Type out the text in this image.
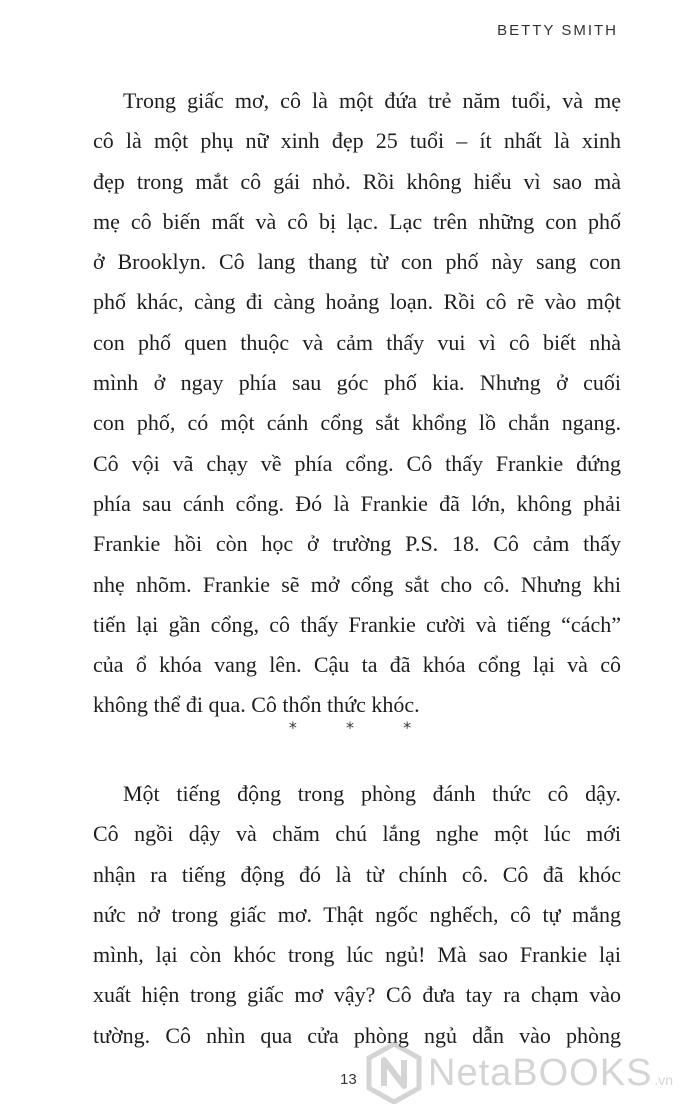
BETTY SMITH
Trong giấc mơ, cô là một đứa trẻ năm tuổi, và mẹ
cô là một phụ nữ xinh đẹp 25 tuổi – ít nhất là xinh
đẹp trong mắt cô gái nhỏ. Rồi không hiểu vì sao mà
mẹ cô biến mất và cô bị lạc. Lạc trên những con phố
ở Brooklyn. Cô lang thang từ con phố này sang con
phố khác, càng đi càng hoảng loạn. Rồi cô rẽ vào một
con phố quen thuộc và cảm thấy vui vì cô biết nhà
mình ở ngay phía sau góc phố kia. Nhưng ở cuối
con phố, có một cánh cổng sắt khổng lồ chắn ngang.
Cô vội vã chạy về phía cổng. Cô thấy Frankie đứng
phía sau cánh cổng. Đó là Frankie đã lớn, không phải
Frankie hồi còn học ở trường P.S. 18. Cô cảm thấy
nhẹ nhõm. Frankie sẽ mở cổng sắt cho cô. Nhưng khi
tiến lại gần cổng, cô thấy Frankie cười và tiếng “cách”
của ổ khóa vang lên. Cậu ta đã khóa cổng lại và cô
không thể đi qua. Cô thổn thức khóc.
* * *
Một tiếng động trong phòng đánh thức cô dậy.
Cô ngồi dậy và chăm chú lắng nghe một lúc mới
nhận ra tiếng động đó là từ chính cô. Cô đã khóc
nức nở trong giấc mơ. Thật ngốc nghếch, cô tự mắng
mình, lại còn khóc trong lúc ngủ! Mà sao Frankie lại
xuất hiện trong giấc mơ vậy? Cô đưa tay ra chạm vào
tường. Cô nhìn qua cửa phòng ngủ dẫn vào phòng
13 NetaBOOKS .vn
